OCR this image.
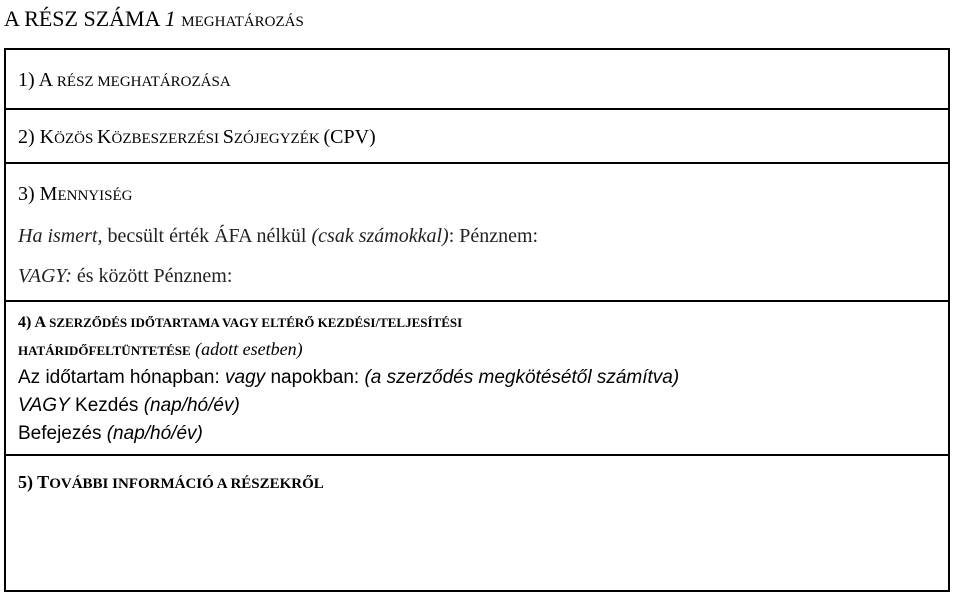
A RÉSZ SZÁMA 1 MEGHATÁROZÁS
1) A RÉSZ MEGHATÁROZÁSA
2) KÖZÖS KÖZBESZERZÉSI SZÓJEGYZÉK (CPV)
3) MENNYISÉG
Ha ismert, becsült érték ÁFA nélkül (csak számokkal): Pénznem:
VAGY: és között Pénznem:
4) A SZERZŐDÉS IDŐTARTAMA VAGY ELTÉRŐ KEZDÉSI/TELJESÍTÉSI
HATÁRIDŐFELTÜNTETÉSE (adott esetben)
Az időtartam hónapban: vagy napokban: (a szerződés megkötésétől számítva)
VAGY Kezdés (nap/hó/év)
Befejezés (nap/hó/év)
5) TOVÁBBI INFORMÁCIÓ A RÉSZEKRŐL
